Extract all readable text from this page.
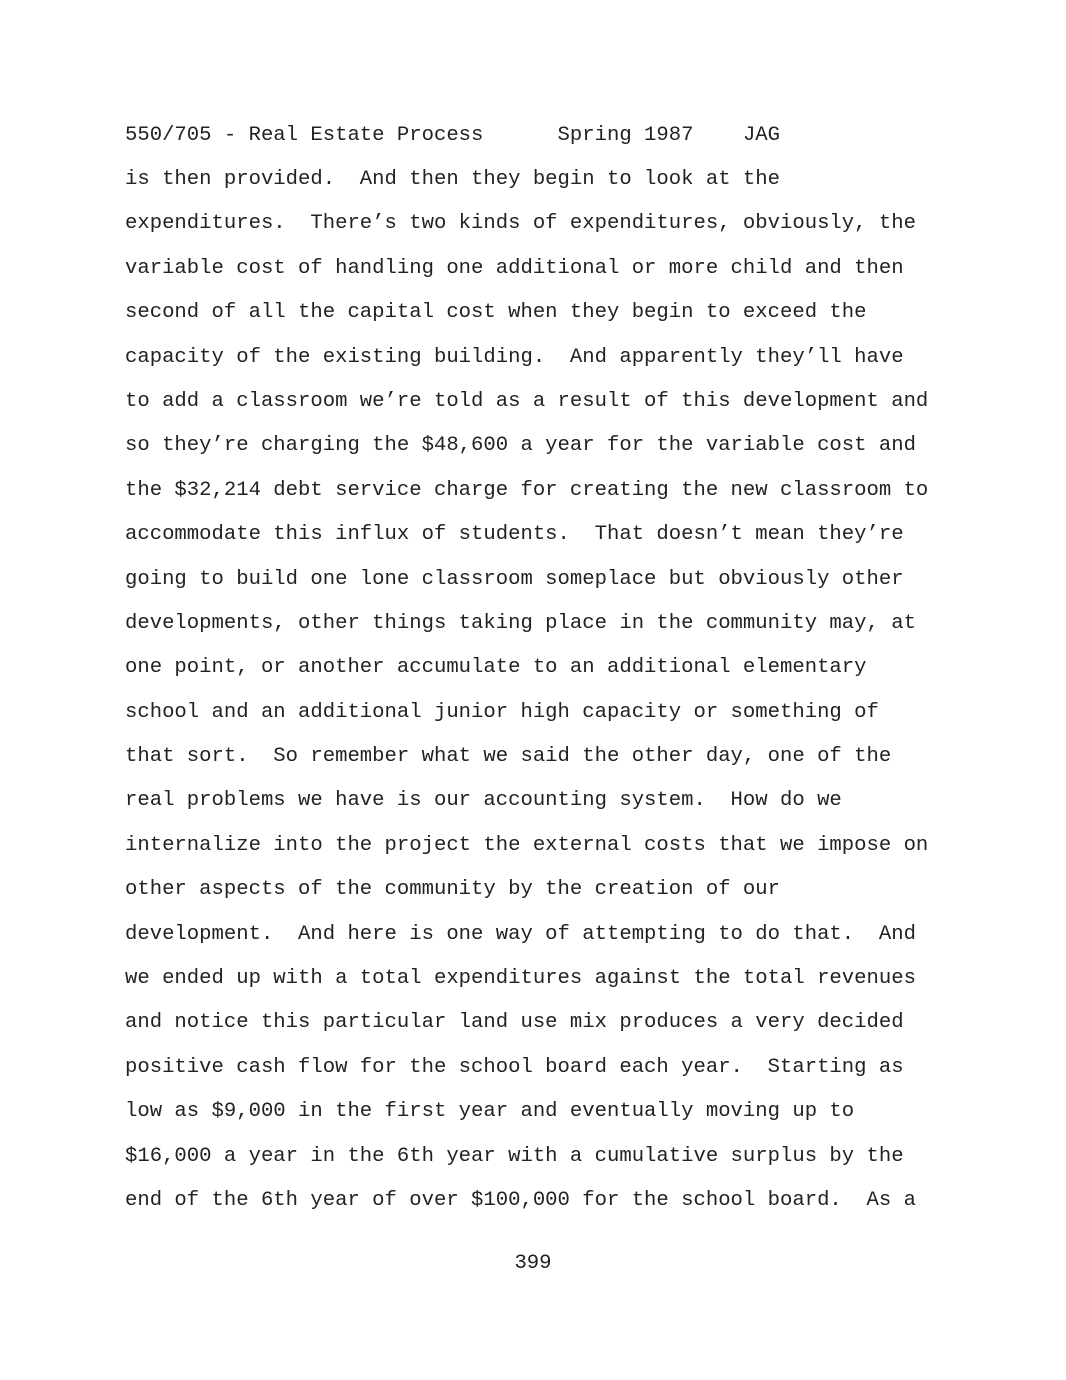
550/705 - Real Estate Process	Spring 1987 JAG
is then provided.  And then they begin to look at the
expenditures.  There’s two kinds of expenditures, obviously, the
variable cost of handling one additional or more child and then
second of all the capital cost when they begin to exceed the
capacity of the existing building.  And apparently they’ll have
to add a classroom we’re told as a result of this development and
so they’re charging the $48,600 a year for the variable cost and
the $32,214 debt service charge for creating the new classroom to
accommodate this influx of students.  That doesn’t mean they’re
going to build one lone classroom someplace but obviously other
developments, other things taking place in the community may, at
one point, or another accumulate to an additional elementary
school and an additional junior high capacity or something of
that sort.  So remember what we said the other day, one of the
real problems we have is our accounting system.  How do we
internalize into the project the external costs that we impose on
other aspects of the community by the creation of our
development.  And here is one way of attempting to do that.  And
we ended up with a total expenditures against the total revenues
and notice this particular land use mix produces a very decided
positive cash flow for the school board each year.  Starting as
low as $9,000 in the first year and eventually moving up to
$16,000 a year in the 6th year with a cumulative surplus by the
end of the 6th year of over $100,000 for the school board.  As a
399
